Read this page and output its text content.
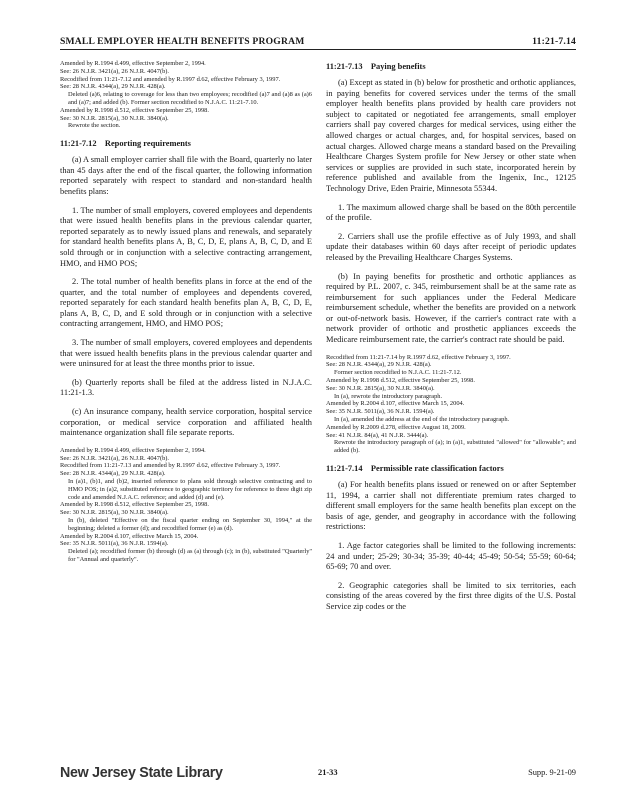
SMALL EMPLOYER HEALTH BENEFITS PROGRAM	11:21-7.14

Amended by R.1994 d.499, effective September 2, 1994.

See: 26 N.J.R. 3421(a), 26 N.J.R. 4047(b).

Recodified from 11:21-7.12 and amended by R.1997 d.62, effective February 3, 1997.

See: 28 N.J.R. 4344(a), 29 N.J.R. 428(a).

Deleted (a)6, relating to coverage for less than two employees; recodified (a)7 and (a)8 as (a)6 and (a)7; and added (b). Former section recodified to N.J.A.C. 11:21-7.10.

Amended by R.1998 d.512, effective September 25, 1998.

See: 30 N.J.R. 2815(a), 30 N.J.R. 3840(a).

Rewrote the section.

11:21-7.12 Reporting requirements

(a) A small employer carrier shall file with the Board, quarterly no later than 45 days after the end of the fiscal quarter, the following information reported separately with respect to standard and non-standard health benefits plans:

1. The number of small employers, covered employees and dependents that were issued health benefits plans in the previous calendar quarter, reported separately as to newly issued plans and renewals, and separately for standard health benefits plans A, B, C, D, E, plans A, B, C, D, and E sold through or in conjunction with a selective contracting arrangement, HMO, and HMO POS;

2. The total number of health benefits plans in force at the end of the quarter, and the total number of employees and dependents covered, reported separately for each standard health benefits plan A, B, C, D, E, plans A, B, C, D, and E sold through or in conjunction with a selective contracting arrangement, HMO, and HMO POS;

3. The number of small employers, covered employees and dependents that were issued health benefits plans in the previous calendar quarter and were uninsured for at least the three months prior to issue.

(b) Quarterly reports shall be filed at the address listed in N.J.A.C. 11:21-1.3.

(c) An insurance company, health service corporation, hospital service corporation, or medical service corporation and affiliated health maintenance organization shall file separate reports.

Amended by R.1994 d.499, effective September 2, 1994.

See: 26 N.J.R. 3421(a), 26 N.J.R. 4047(b).

Recodified from 11:21-7.13 and amended by R.1997 d.62, effective February 3, 1997.

See: 28 N.J.R. 4344(a), 29 N.J.R. 428(a).

In (a)1, (b)1, and (b)2, inserted reference to plans sold through selective contracting and to HMO POS; in (a)2, substituted reference to geographic territory for reference to three digit zip code and amended N.J.A.C. reference; and added (d) and (e).

Amended by R.1998 d.512, effective September 25, 1998.

See: 30 N.J.R. 2815(a), 30 N.J.R. 3840(a).

In (b), deleted "Effective on the fiscal quarter ending on September 30, 1994," at the beginning; deleted a former (d); and recodified former (e) as (d).

Amended by R.2004 d.107, effective March 15, 2004.

See: 35 N.J.R. 5011(a), 36 N.J.R. 1594(a).

Deleted (a); recodified former (b) through (d) as (a) through (c); in (b), substituted "Quarterly" for "Annual and quarterly".

11:21-7.13 Paying benefits

(a) Except as stated in (b) below for prosthetic and orthotic appliances, in paying benefits for covered services under the terms of the small employer health benefits plans provided by health care providers not subject to capitated or negotiated fee arrangements, small employer carriers shall pay covered charges for medical services, using either the allowed charges or actual charges, and, for hospital services, based on actual charges. Allowed charge means a standard based on the Prevailing Healthcare Charges System profile for New Jersey or other state when services or supplies are provided in such state, incorporated herein by reference published and available from the Ingenix, Inc., 12125 Technology Drive, Eden Prairie, Minnesota 55344.

1. The maximum allowed charge shall be based on the 80th percentile of the profile.

2. Carriers shall use the profile effective as of July 1993, and shall update their databases within 60 days after receipt of periodic updates released by the Prevailing Healthcare Charges Systems.

(b) In paying benefits for prosthetic and orthotic appliances as required by P.L. 2007, c. 345, reimbursement shall be at the same rate as reimbursement for such appliances under the Federal Medicare reimbursement schedule, whether the benefits are provided on a network or out-of-network basis. However, if the carrier's contract rate with a network provider of orthotic and prosthetic appliances exceeds the Medicare reimbursement rate, the carrier's contract rate should be paid.

Recodified from 11:21-7.14 by R.1997 d.62, effective February 3, 1997.

See: 28 N.J.R. 4344(a), 29 N.J.R. 428(a).

Former section recodified to N.J.A.C. 11:21-7.12.

Amended by R.1998 d.512, effective September 25, 1998.

See: 30 N.J.R. 2815(a), 30 N.J.R. 3840(a).

In (a), rewrote the introductory paragraph.

Amended by R.2004 d.107, effective March 15, 2004.

See: 35 N.J.R. 5011(a), 36 N.J.R. 1594(a).

In (a), amended the address at the end of the introductory paragraph.

Amended by R.2009 d.278, effective August 18, 2009.

See: 41 N.J.R. 84(a), 41 N.J.R. 3444(a).

Rewrote the introductory paragraph of (a); in (a)1, substituted "allowed" for "allowable"; and added (b).

11:21-7.14 Permissible rate classification factors

(a) For health benefits plans issued or renewed on or after September 11, 1994, a carrier shall not differentiate premium rates charged to different small employers for the same health benefits plan except on the basis of age, gender, and geography in accordance with the following restrictions:

1. Age factor categories shall be limited to the following increments: 24 and under; 25-29; 30-34; 35-39; 40-44; 45-49; 50-54; 55-59; 60-64; 65-69; 70 and over.

2. Geographic categories shall be limited to six territories, each consisting of the areas covered by the first three digits of the U.S. Postal Service zip codes or the

New Jersey State Library	21-33	Supp. 9-21-09
